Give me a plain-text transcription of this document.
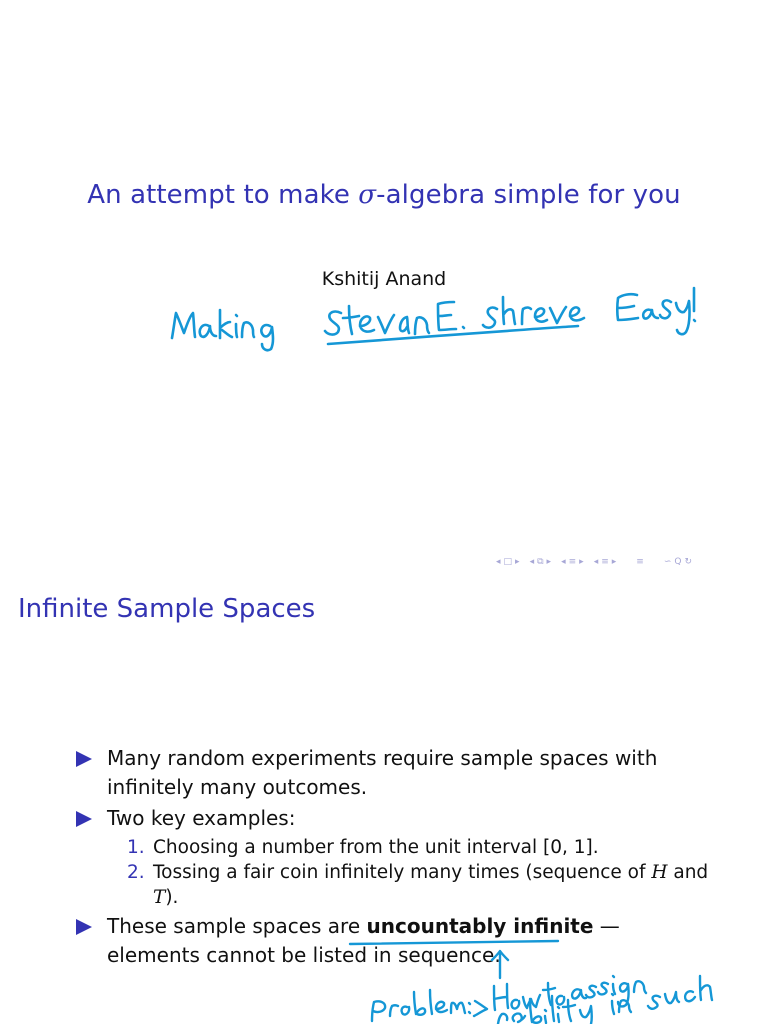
An attempt to make σ-algebra simple for you
Kshitij Anand
◂ □ ▸ ◂ ⧉ ▸ ◂ ≡ ▸ ◂ ≡ ▸ ≡ ∽ Q ↻
Infinite Sample Spaces
Many random experiments require sample spaces with infinitely many outcomes.
Two key examples:
1. Choosing a number from the unit interval [0, 1].
2. Tossing a fair coin infinitely many times (sequence of H and T).
These sample spaces are uncountably infinite — elements cannot be listed in sequence.
